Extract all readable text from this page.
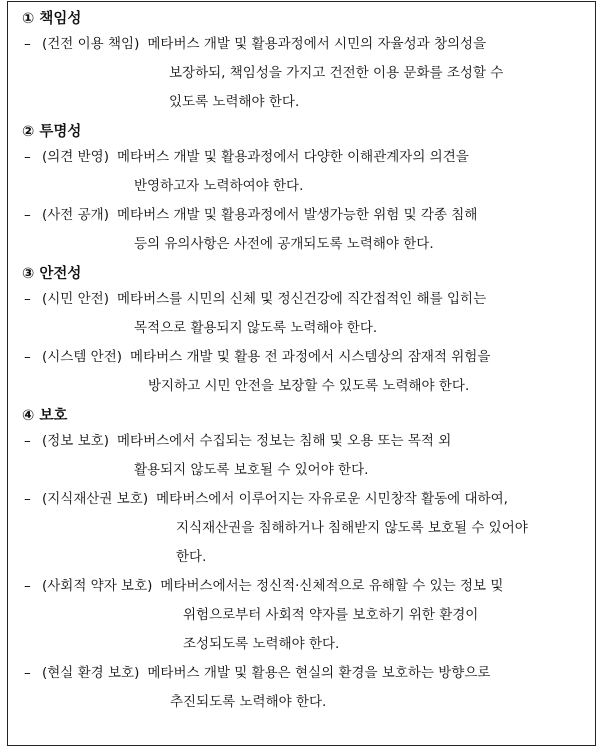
① 책임성
– (건전 이용 책임) 메타버스 개발 및 활용과정에서 시민의 자율성과 창의성을
보장하되, 책임성을 가지고 건전한 이용 문화를 조성할 수
있도록 노력해야 한다.
② 투명성
– (의견 반영) 메타버스 개발 및 활용과정에서 다양한 이해관계자의 의견을
반영하고자 노력하여야 한다.
– (사전 공개) 메타버스 개발 및 활용과정에서 발생가능한 위험 및 각종 침해
등의 유의사항은 사전에 공개되도록 노력해야 한다.
③ 안전성
– (시민 안전) 메타버스를 시민의 신체 및 정신건강에 직간접적인 해를 입히는
목적으로 활용되지 않도록 노력해야 한다.
– (시스템 안전) 메타버스 개발 및 활용 전 과정에서 시스템상의 잠재적 위험을
방지하고 시민 안전을 보장할 수 있도록 노력해야 한다.
④ 보호
– (정보 보호) 메타버스에서 수집되는 정보는 침해 및 오용 또는 목적 외
활용되지 않도록 보호될 수 있어야 한다.
– (지식재산권 보호) 메타버스에서 이루어지는 자유로운 시민창작 활동에 대하여,
지식재산권을 침해하거나 침해받지 않도록 보호될 수 있어야
한다.
– (사회적 약자 보호) 메타버스에서는 정신적·신체적으로 유해할 수 있는 정보 및
위험으로부터 사회적 약자를 보호하기 위한 환경이
조성되도록 노력해야 한다.
– (현실 환경 보호) 메타버스 개발 및 활용은 현실의 환경을 보호하는 방향으로
추진되도록 노력해야 한다.
